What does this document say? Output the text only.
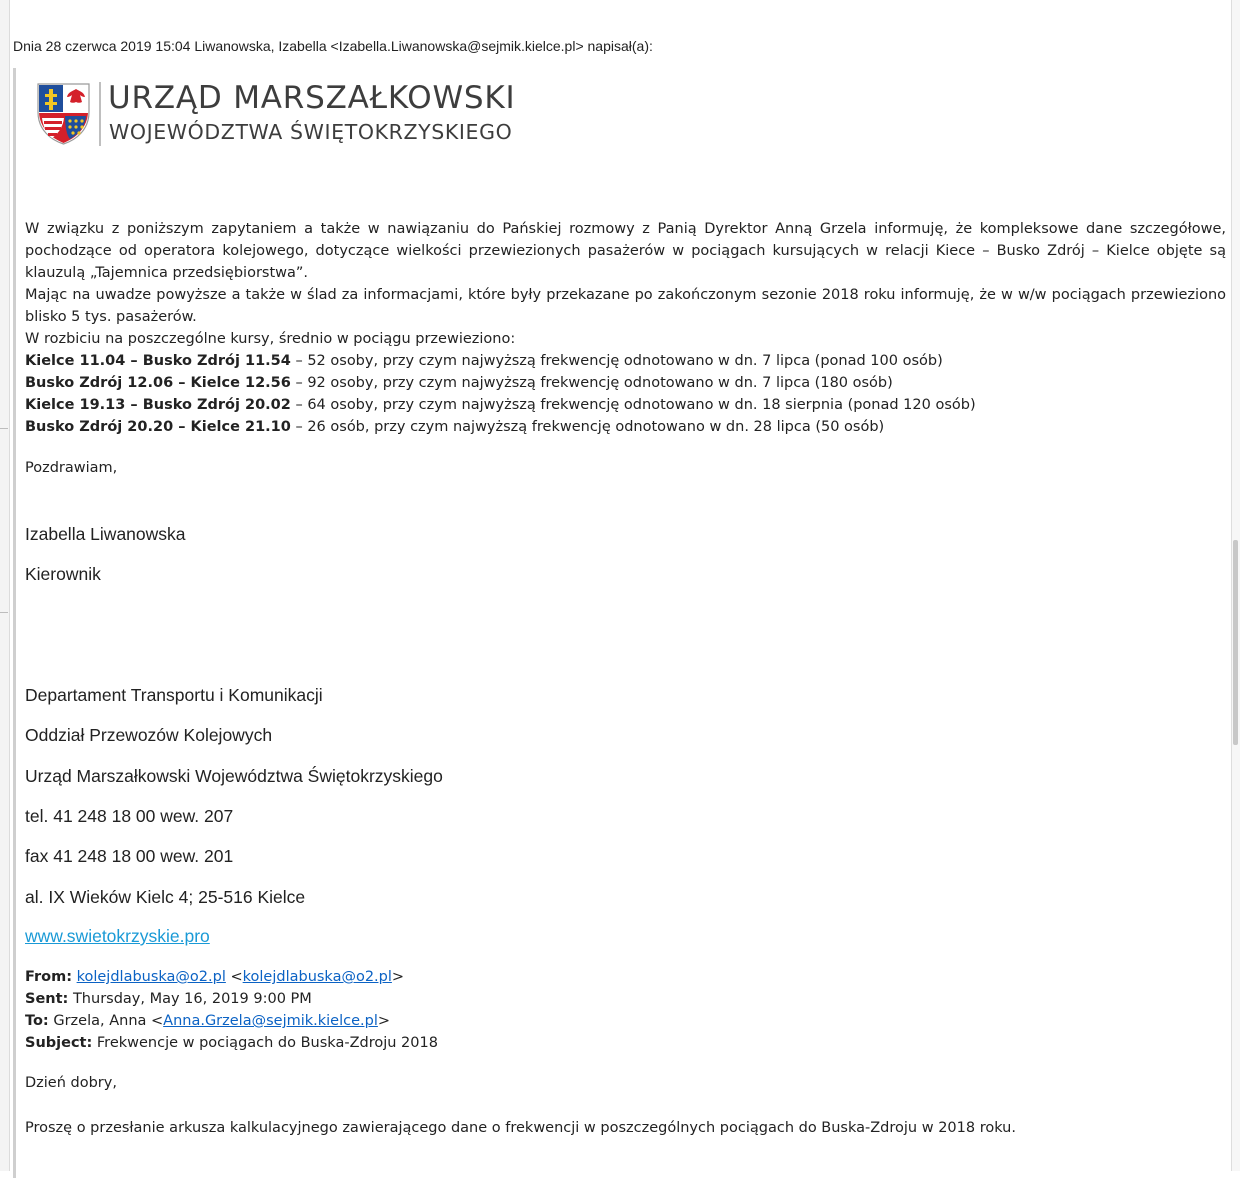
Dnia 28 czerwca 2019 15:04 Liwanowska, Izabella <Izabella.Liwanowska@sejmik.kielce.pl> napisał(a):
URZĄD MARSZAŁKOWSKI
WOJEWÓDZTWA ŚWIĘTOKRZYSKIEGO

W związku z poniższym zapytaniem a także w nawiązaniu do Pańskiej rozmowy z Panią Dyrektor Anną Grzela informuję, że kompleksowe dane szczegółowe, pochodzące od operatora kolejowego, dotyczące wielkości przewiezionych pasażerów w pociągach kursujących w relacji Kiece – Busko Zdrój – Kielce objęte są klauzulą „Tajemnica przedsiębiorstwa”.

Mając na uwadze powyższe a także w ślad za informacjami, które były przekazane po zakończonym sezonie 2018 roku informuję, że w w/w pociągach przewieziono blisko 5 tys. pasażerów.

W rozbiciu na poszczególne kursy, średnio w pociągu przewieziono:

Kielce 11.04 – Busko Zdrój 11.54 – 52 osoby, przy czym najwyższą frekwencję odnotowano w dn. 7 lipca (ponad 100 osób)

Busko Zdrój 12.06 – Kielce 12.56 – 92 osoby, przy czym najwyższą frekwencję odnotowano w dn. 7 lipca (180 osób)

Kielce 19.13 – Busko Zdrój 20.02 – 64 osoby, przy czym najwyższą frekwencję odnotowano w dn. 18 sierpnia (ponad 120 osób)

Busko Zdrój 20.20 – Kielce 21.10 – 26 osób, przy czym najwyższą frekwencję odnotowano w dn. 28 lipca (50 osób)

Pozdrawiam,
Izabella Liwanowska
Kierownik
Departament Transportu i Komunikacji
Oddział Przewozów Kolejowych
Urząd Marszałkowski Województwa Świętokrzyskiego
tel. 41 248 18 00 wew. 207
fax 41 248 18 00 wew. 201
al. IX Wieków Kielc 4; 25-516 Kielce
www.swietokrzyskie.pro
From: kolejdlabuska@o2.pl <kolejdlabuska@o2.pl>
Sent: Thursday, May 16, 2019 9:00 PM
To: Grzela, Anna <Anna.Grzela@sejmik.kielce.pl>
Subject: Frekwencje w pociągach do Buska-Zdroju 2018
Dzień dobry,
Proszę o przesłanie arkusza kalkulacyjnego zawierającego dane o frekwencji w poszczególnych pociągach do Buska-Zdroju w 2018 roku.
